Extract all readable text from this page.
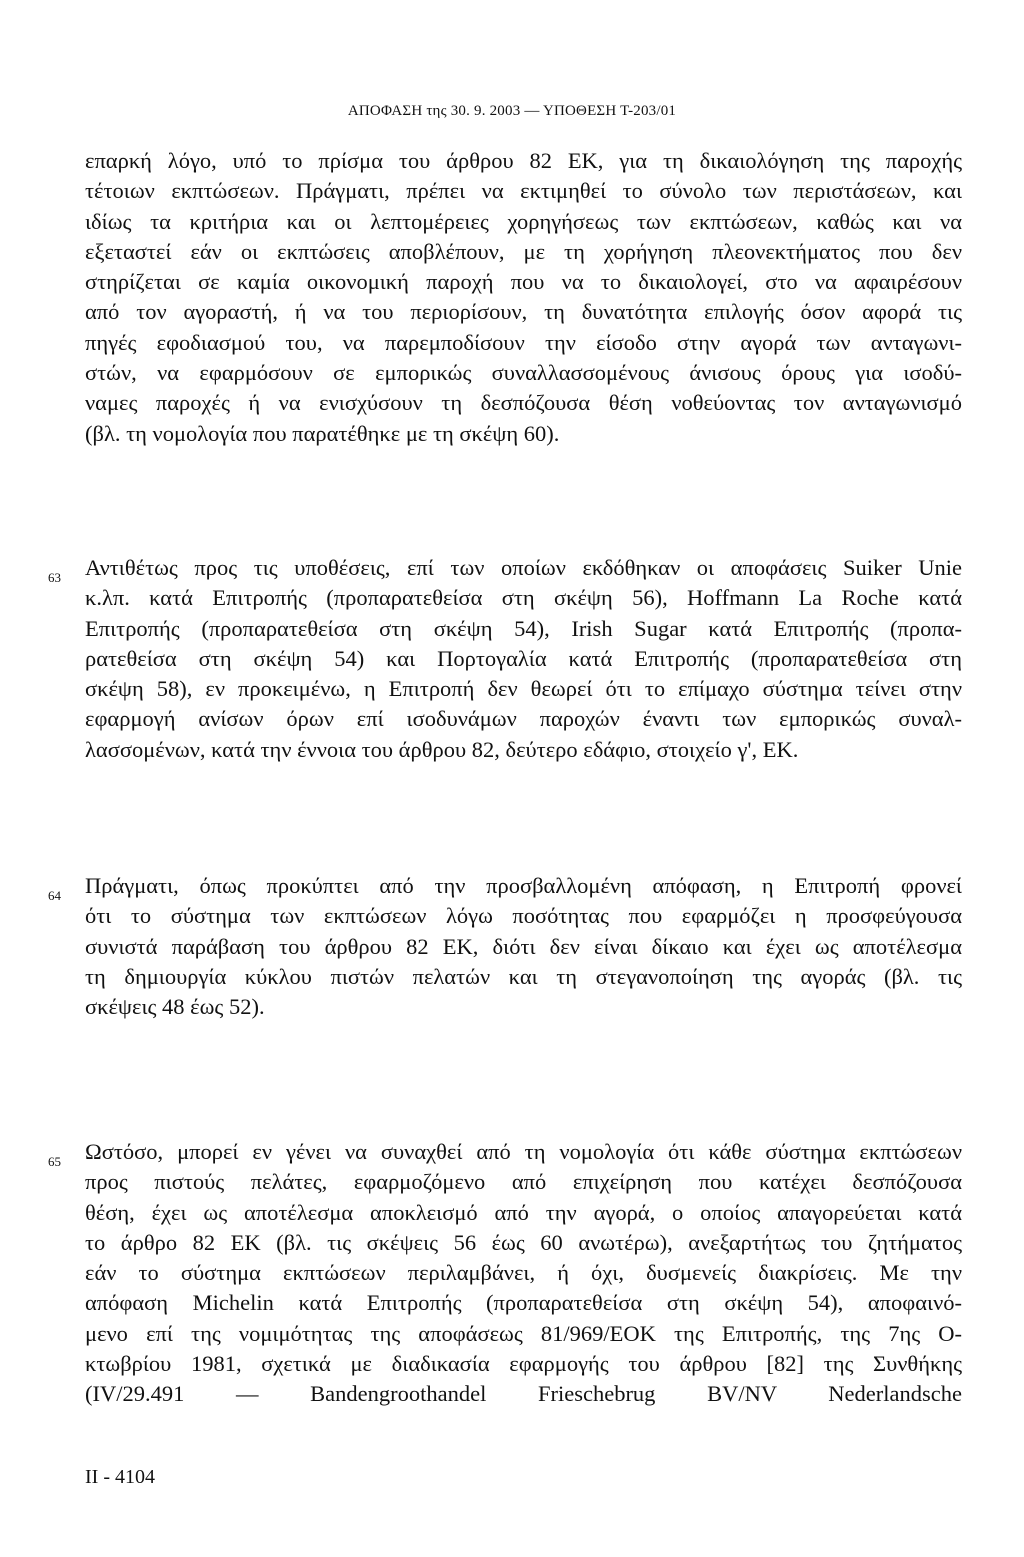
ΑΠΟΦΑΣΗ της 30. 9. 2003 — ΥΠΟΘΕΣΗ Τ-203/01
επαρκή λόγο, υπό το πρίσμα του άρθρου 82 ΕΚ, για τη δικαιολόγηση της παροχής
τέτοιων εκπτώσεων. Πράγματι, πρέπει να εκτιμηθεί το σύνολο των περιστάσεων, και
ιδίως τα κριτήρια και οι λεπτομέρειες χορηγήσεως των εκπτώσεων, καθώς και να
εξεταστεί εάν οι εκπτώσεις αποβλέπουν, με τη χορήγηση πλεονεκτήματος που δεν
στηρίζεται σε καμία οικονομική παροχή που να το δικαιολογεί, στο να αφαιρέσουν
από τον αγοραστή, ή να του περιορίσουν, τη δυνατότητα επιλογής όσον αφορά τις
πηγές εφοδιασμού του, να παρεμποδίσουν την είσοδο στην αγορά των ανταγωνι-
στών, να εφαρμόσουν σε εμπορικώς συναλλασσομένους άνισους όρους για ισοδύ-
ναμες παροχές ή να ενισχύσουν τη δεσπόζουσα θέση νοθεύοντας τον ανταγωνισμό
(βλ. τη νομολογία που παρατέθηκε με τη σκέψη 60).
63 Αντιθέτως προς τις υποθέσεις, επί των οποίων εκδόθηκαν οι αποφάσεις Suiker Unie
κ.λπ. κατά Επιτροπής (προπαρατεθείσα στη σκέψη 56), Hoffmann La Roche κατά
Επιτροπής (προπαρατεθείσα στη σκέψη 54), Irish Sugar κατά Επιτροπής (προπα-
ρατεθείσα στη σκέψη 54) και Πορτογαλία κατά Επιτροπής (προπαρατεθείσα στη
σκέψη 58), εν προκειμένω, η Επιτροπή δεν θεωρεί ότι το επίμαχο σύστημα τείνει στην
εφαρμογή ανίσων όρων επί ισοδυνάμων παροχών έναντι των εμπορικώς συναλ-
λασσομένων, κατά την έννοια του άρθρου 82, δεύτερο εδάφιο, στοιχείο γ', ΕΚ.
64 Πράγματι, όπως προκύπτει από την προσβαλλομένη απόφαση, η Επιτροπή φρονεί
ότι το σύστημα των εκπτώσεων λόγω ποσότητας που εφαρμόζει η προσφεύγουσα
συνιστά παράβαση του άρθρου 82 ΕΚ, διότι δεν είναι δίκαιο και έχει ως αποτέλεσμα
τη δημιουργία κύκλου πιστών πελατών και τη στεγανοποίηση της αγοράς (βλ. τις
σκέψεις 48 έως 52).
65 Ωστόσο, μπορεί εν γένει να συναχθεί από τη νομολογία ότι κάθε σύστημα εκπτώσεων
προς πιστούς πελάτες, εφαρμοζόμενο από επιχείρηση που κατέχει δεσπόζουσα
θέση, έχει ως αποτέλεσμα αποκλεισμό από την αγορά, ο οποίος απαγορεύεται κατά
το άρθρο 82 ΕΚ (βλ. τις σκέψεις 56 έως 60 ανωτέρω), ανεξαρτήτως του ζητήματος
εάν το σύστημα εκπτώσεων περιλαμβάνει, ή όχι, δυσμενείς διακρίσεις. Με την
απόφαση Michelin κατά Επιτροπής (προπαρατεθείσα στη σκέψη 54), αποφαινό-
μενο επί της νομιμότητας της αποφάσεως 81/969/ΕΟΚ της Επιτροπής, της 7ης Ο-
κτωβρίου 1981, σχετικά με διαδικασία εφαρμογής του άρθρου [82] της Συνθήκης
(IV/29.491 — Bandengroothandel Frieschebrug BV/NV Nederlandsche
II - 4104
